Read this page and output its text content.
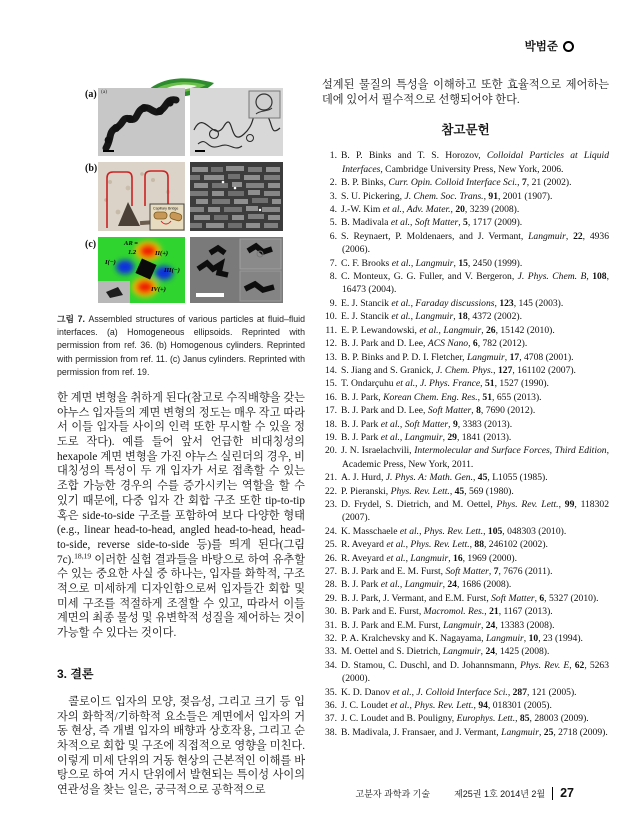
박범준
(a) (a)
(b)
Capillary Bridge
(c)	AR =
1.2
I(−)
II(+)
III(−)
IV(+)
그림 7. Assembled structures of various particles at fluid–fluid interfaces. (a) Homogeneous ellipsoids. Reprinted with permission from ref. 36. (b) Homogenous cylinders. Reprinted with permission from ref. 11. (c) Janus cylinders. Reprinted with permission from ref. 19.

한 계면 변형을 취하게 된다(참고로 수직배향을 갖는 야누스 입자들의 계면 변형의 정도는 매우 작고 따라서 이들 입자들 사이의 인력 또한 무시할 수 있을 정도로 작다). 예를 들어 앞서 언급한 비대칭성의 hexapole 계면 변형을 가진 야누스 실린더의 경우, 비대칭성의 특성이 두 개 입자가 서로 접촉할 수 있는 조합 가능한 경우의 수를 증가시키는 역할을 할 수 있기 때문에, 다중 입자 간 회합 구조 또한 tip-to-tip 혹은 side-to-side 구조를 포함하여 보다 다양한 형태(e.g., linear head-to-head, angled head-to-head, head-to-side, reverse side-to-side 등)를 띄게 된다(그림 7c).$^{18,19}$ 이러한 실험 결과들을 바탕으로 하여 유추할 수 있는 중요한 사실 중 하나는, 입자를 화학적, 구조적으로 미세하게 디자인함으로써 입자들간 회합 및 미세 구조를 적절하게 조절할 수 있고, 따라서 이들 계면의 최종 물성 및 유변학적 성질을 제어하는 것이 가능할 수 있다는 것이다.

3. 결론

콜로이드 입자의 모양, 젖음성, 그리고 크기 등 입자의 화학적/기하학적 요소들은 계면에서 입자의 거동 현상, 즉 개별 입자의 배향과 상호작용, 그리고 순차적으로 회합 및 구조에 직접적으로 영향을 미친다. 이렇게 미세 단위의 거동 현상의 근본적인 이해를 바탕으로 하여 거시 단위에서 발현되는 특이성 사이의 연관성을 찾는 일은, 궁극적으로 공학적으로

설계된 물질의 특성을 이해하고 또한 효율적으로 제어하는 데에 있어서 필수적으로 선행되어야 한다.

참고문헌
1. B. P. Binks and T. S. Horozov, Colloidal Particles at Liquid Interfaces, Cambridge University Press, New York, 2006.
2. B. P. Binks, Curr. Opin. Colloid Interface Sci., 7, 21 (2002).
3. S. U. Pickering, J. Chem. Soc. Trans., 91, 2001 (1907).
4. J.-W. Kim et al., Adv. Mater., 20, 3239 (2008).
5. B. Madivala et al., Soft Matter, 5, 1717 (2009).
6. S. Reynaert, P. Moldenaers, and J. Vermant, Langmuir, 22, 4936 (2006).
7. C. F. Brooks et al., Langmuir, 15, 2450 (1999).
8. C. Monteux, G. G. Fuller, and V. Bergeron, J. Phys. Chem. B, 108, 16473 (2004).
9. E. J. Stancik et al., Faraday discussions, 123, 145 (2003).
10. E. J. Stancik et al., Langmuir, 18, 4372 (2002).
11. E. P. Lewandowski, et al., Langmuir, 26, 15142 (2010).
12. B. J. Park and D. Lee, ACS Nano, 6, 782 (2012).
13. B. P. Binks and P. D. I. Fletcher, Langmuir, 17, 4708 (2001).
14. S. Jiang and S. Granick, J. Chem. Phys., 127, 161102 (2007).
15. T. Ondarçuhu et al., J. Phys. France, 51, 1527 (1990).
16. B. J. Park, Korean Chem. Eng. Res., 51, 655 (2013).
17. B. J. Park and D. Lee, Soft Matter, 8, 7690 (2012).
18. B. J. Park et al., Soft Matter, 9, 3383 (2013).
19. B. J. Park et al., Langmuir, 29, 1841 (2013).
20. J. N. Israelachvili, Intermolecular and Surface Forces, Third Edition, Academic Press, New York, 2011.
21. A. J. Hurd, J. Phys. A: Math. Gen., 45, L1055 (1985).
22. P. Pieranski, Phys. Rev. Lett., 45, 569 (1980).
23. D. Frydel, S. Dietrich, and M. Oettel, Phys. Rev. Lett., 99, 118302 (2007).
24. K. Masschaele et al., Phys. Rev. Lett., 105, 048303 (2010).
25. R. Aveyard et al., Phys. Rev. Lett., 88, 246102 (2002).
26. R. Aveyard et al., Langmuir, 16, 1969 (2000).
27. B. J. Park and E. M. Furst, Soft Matter, 7, 7676 (2011).
28. B. J. Park et al., Langmuir, 24, 1686 (2008).
29. B. J. Park, J. Vermant, and E.M. Furst, Soft Matter, 6, 5327 (2010).
30. B. Park and E. Furst, Macromol. Res., 21, 1167 (2013).
31. B. J. Park and E.M. Furst, Langmuir, 24, 13383 (2008).
32. P. A. Kralchevsky and K. Nagayama, Langmuir, 10, 23 (1994).
33. M. Oettel and S. Dietrich, Langmuir, 24, 1425 (2008).
34. D. Stamou, C. Duschl, and D. Johannsmann, Phys. Rev. E, 62, 5263 (2000).
35. K. D. Danov et al., J. Colloid Interface Sci., 287, 121 (2005).
36. J. C. Loudet et al., Phys. Rev. Lett., 94, 018301 (2005).
37. J. C. Loudet and B. Pouligny, Europhys. Lett., 85, 28003 (2009).
38. B. Madivala, J. Fransaer, and J. Vermant, Langmuir, 25, 2718 (2009).
고분자 과학과 기술	제25권 1호 2014년 2월 27
